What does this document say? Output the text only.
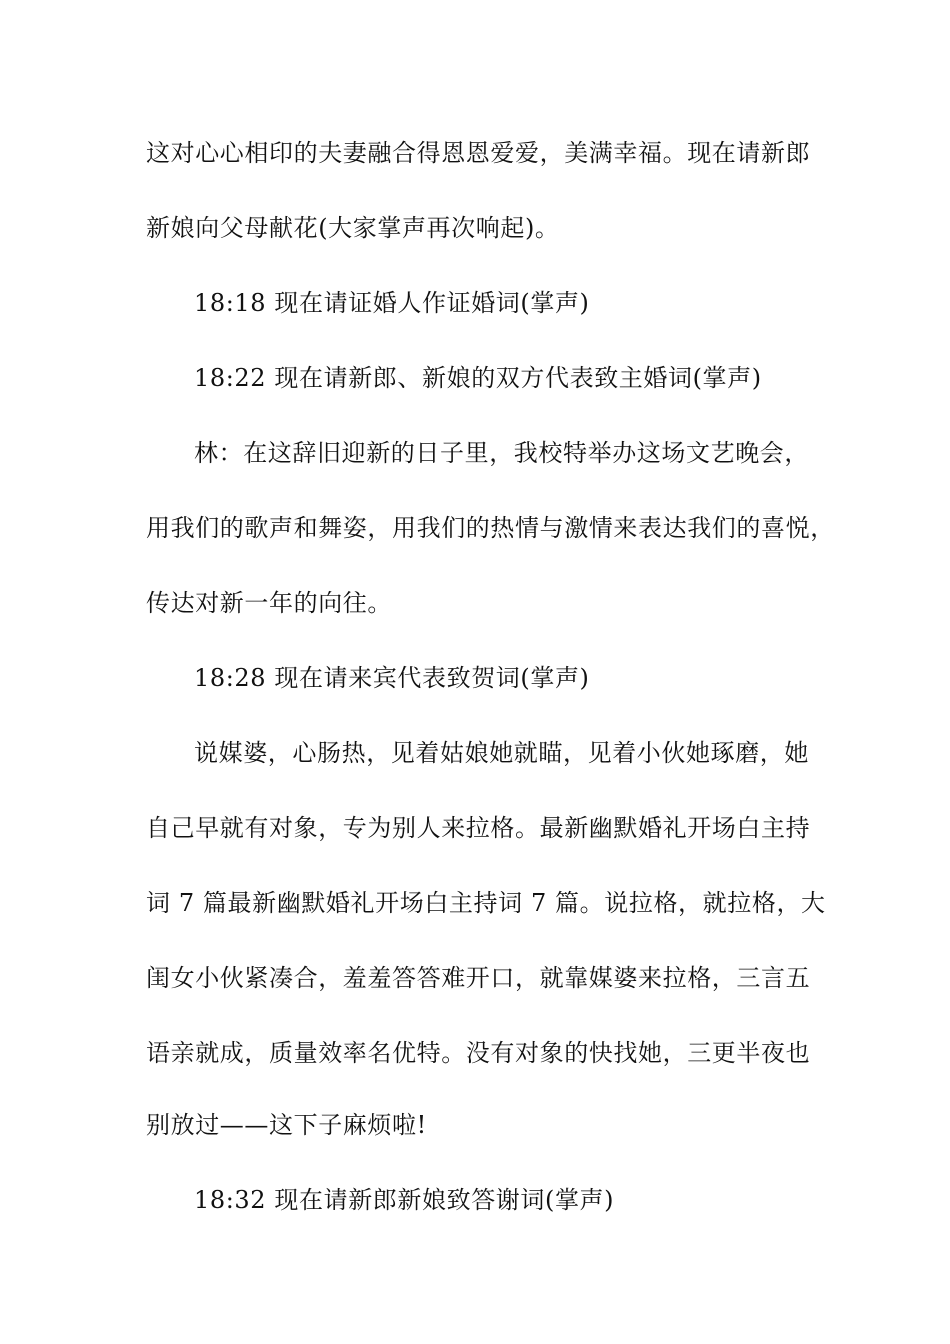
这对心心相印的夫妻融合得恩恩爱爱，美满幸福。现在请新郎
新娘向父母献花(大家掌声再次响起)。
18:18 现在请证婚人作证婚词(掌声)
18:22 现在请新郎、新娘的双方代表致主婚词(掌声)
林：在这辞旧迎新的日子里，我校特举办这场文艺晚会，
用我们的歌声和舞姿，用我们的热情与激情来表达我们的喜悦，
传达对新一年的向往。
18:28 现在请来宾代表致贺词(掌声)
说媒婆，心肠热，见着姑娘她就瞄，见着小伙她琢磨，她
自己早就有对象，专为别人来拉格。最新幽默婚礼开场白主持
词 7 篇最新幽默婚礼开场白主持词 7 篇。说拉格，就拉格，大
闺女小伙紧凑合，羞羞答答难开口，就靠媒婆来拉格，三言五
语亲就成，质量效率名优特。没有对象的快找她，三更半夜也
别放过——这下子麻烦啦!
18:32 现在请新郎新娘致答谢词(掌声)
